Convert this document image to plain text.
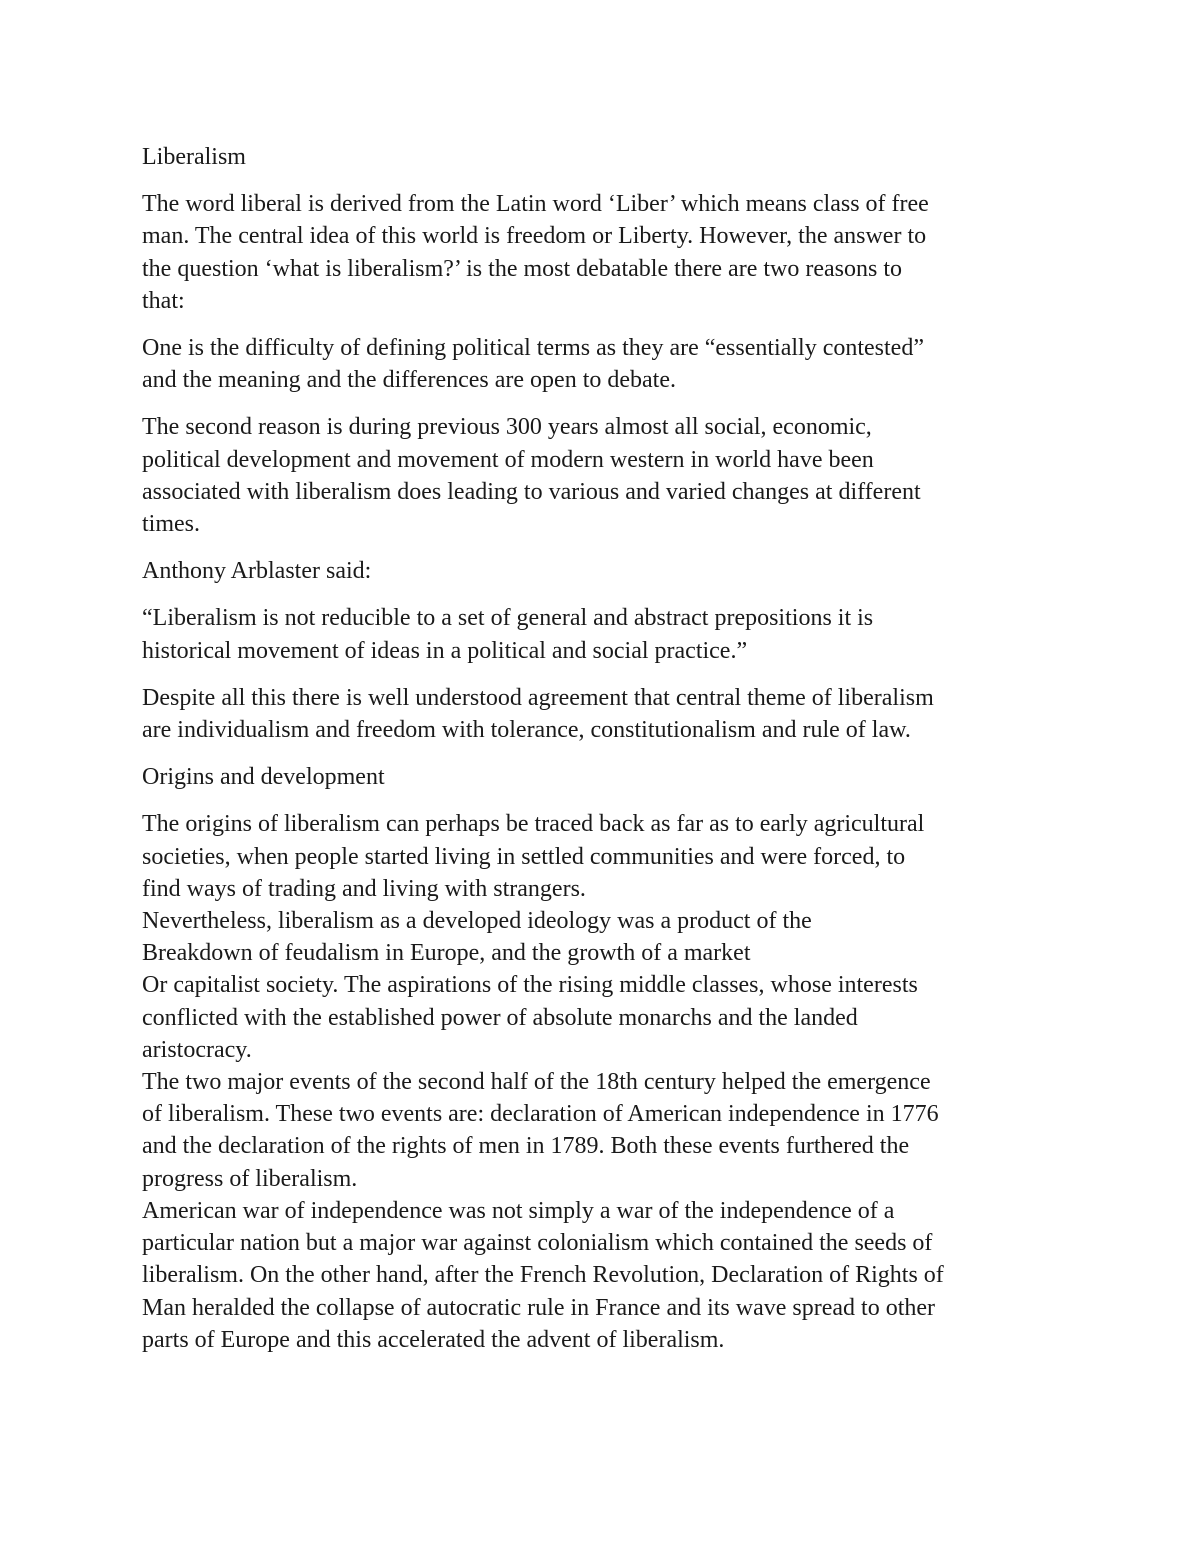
Liberalism

The word liberal is derived from the Latin word ‘Liber’ which means class of free
man. The central idea of this world is freedom or Liberty. However, the answer to
the question ‘what is liberalism?’ is the most debatable there are two reasons to
that:

One is the difficulty of defining political terms as they are “essentially contested”
and the meaning and the differences are open to debate.

The second reason is during previous 300 years almost all social, economic,
political development and movement of modern western in world have been
associated with liberalism does leading to various and varied changes at different
times.

Anthony Arblaster said:

“Liberalism is not reducible to a set of general and abstract prepositions it is
historical movement of ideas in a political and social practice.”

Despite all this there is well understood agreement that central theme of liberalism
are individualism and freedom with tolerance, constitutionalism and rule of law.

Origins and development

The origins of liberalism can perhaps be traced back as far as to early agricultural
societies, when people started living in settled communities and were forced, to
find ways of trading and living with strangers.
Nevertheless, liberalism as a developed ideology was a product of the
Breakdown of feudalism in Europe, and the growth of a market
Or capitalist society. The aspirations of the rising middle classes, whose interests
conflicted with the established power of absolute monarchs and the landed
aristocracy.
The two major events of the second half of the 18th century helped the emergence
of liberalism. These two events are: declaration of American independence in 1776
and the declaration of the rights of men in 1789. Both these events furthered the
progress of liberalism.
American war of independence was not simply a war of the independence of a
particular nation but a major war against colonialism which contained the seeds of
liberalism. On the other hand, after the French Revolution, Declaration of Rights of
Man heralded the collapse of autocratic rule in France and its wave spread to other
parts of Europe and this accelerated the advent of liberalism.
